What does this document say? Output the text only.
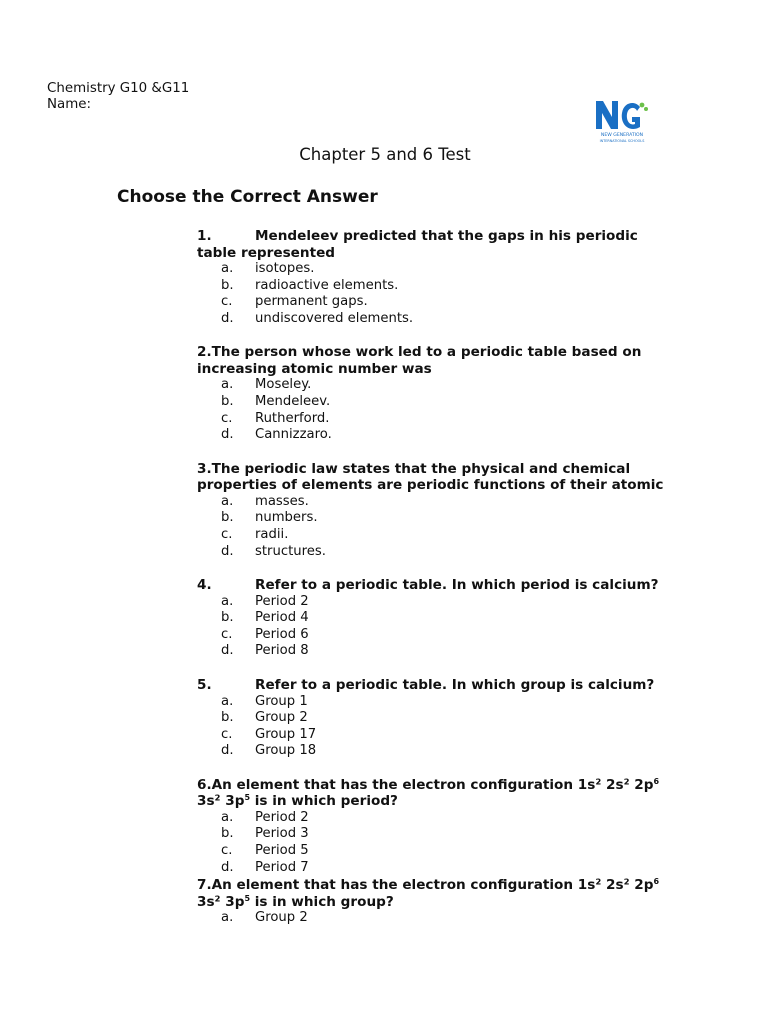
Chemistry G10 &G11
Name:
NEW GENERATION
INTERNATIONAL SCHOOLS
Chapter 5 and 6 Test
Choose the Correct Answer
1.	Mendeleev predicted that the gaps in his periodic table represented
a.	isotopes.
b.	radioactive elements.
c.	permanent gaps.
d.	undiscovered elements.
2.The person whose work led to a periodic table based on increasing atomic number was
a.	Moseley.
b.	Mendeleev.
c.	Rutherford.
d.	Cannizzaro.
3.The periodic law states that the physical and chemical properties of elements are periodic functions of their atomic
a.	masses.
b.	numbers.
c.	radii.
d.	structures.
4.	Refer to a periodic table. In which period is calcium?
a.	Period 2
b.	Period 4
c.	Period 6
d.	Period 8
5.	Refer to a periodic table. In which group is calcium?
a.	Group 1
b.	Group 2
c.	Group 17
d.	Group 18
6.An element that has the electron configuration 1s² 2s² $2p^6$ 3s² $3p^5$ is in which period?
a.	Period 2
b.	Period 3
c.	Period 5
d.	Period 7
7.An element that has the electron configuration 1s² 2s² $2p^6$ 3s² $3p^5$ is in which group?
a.	Group 2
